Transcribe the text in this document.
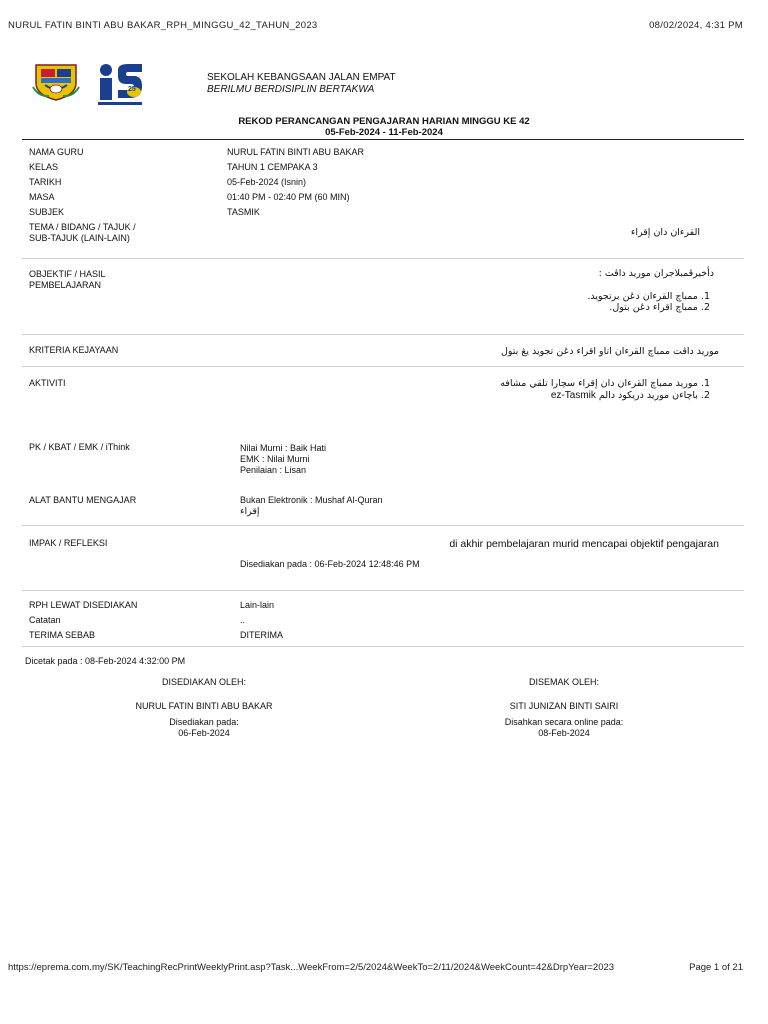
NURUL FATIN BINTI ABU BAKAR_RPH_MINGGU_42_TAHUN_2023	08/02/2024, 4:31 PM
25
SEKOLAH KEBANGSAAN JALAN EMPAT
BERILMU BERDISIPLIN BERTAKWA
REKOD PERANCANGAN PENGAJARAN HARIAN MINGGU KE 42
05-Feb-2024 - 11-Feb-2024
NAMA GURU	NURUL FATIN BINTI ABU BAKAR
KELAS	TAHUN 1 CEMPAKA 3
TARIKH	05-Feb-2024 (Isnin)
MASA	01:40 PM - 02:40 PM (60 MIN)
SUBJEK	TASMIK
TEMA / BIDANG / TAJUK /
SUB-TAJUK (LAIN-LAIN)	القرءان دان إقراء
OBJEKTIF / HASIL
PEMBELAJARAN
دأخيرڤمبلاجران موريد داڤت :
1. ممباچ القرءان دڠن برتجويد.
2. ممباچ اقراء دڠن بتول.
KRITERIA KEJAYAAN	موريد داڤت ممباچ القرءان اتاو اقراء دڠن تجويد يڠ بتول
AKTIVITI	1. موريد ممباچ القرءان دان إقراء سچارا تلقي مشافه
2. باچاءن موريد دريكود دالم ez-Tasmik
PK / KBAT / EMK / iThink	Nilai Murni : Baik Hati
EMK : Nilai Murni
Penilaian : Lisan
ALAT BANTU MENGAJAR	Bukan Elektronik : Mushaf Al-Quran
إقراء
IMPAK / REFLEKSI	di akhir pembelajaran murid mencapai objektif pengajaran
Disediakan pada : 06-Feb-2024 12:48:46 PM
RPH LEWAT DISEDIAKAN	Lain-lain
Catatan	..
TERIMA SEBAB	DITERIMA
Dicetak pada : 08-Feb-2024 4:32:00 PM
DISEDIAKAN OLEH:
NURUL FATIN BINTI ABU BAKAR
Disediakan pada:
06-Feb-2024
DISEMAK OLEH:
SITI JUNIZAN BINTI SAIRI
Disahkan secara online pada:
08-Feb-2024
https://eprema.com.my/SK/TeachingRecPrintWeeklyPrint.asp?Task...WeekFrom=2/5/2024&WeekTo=2/11/2024&WeekCount=42&DrpYear=2023	Page 1 of 21
